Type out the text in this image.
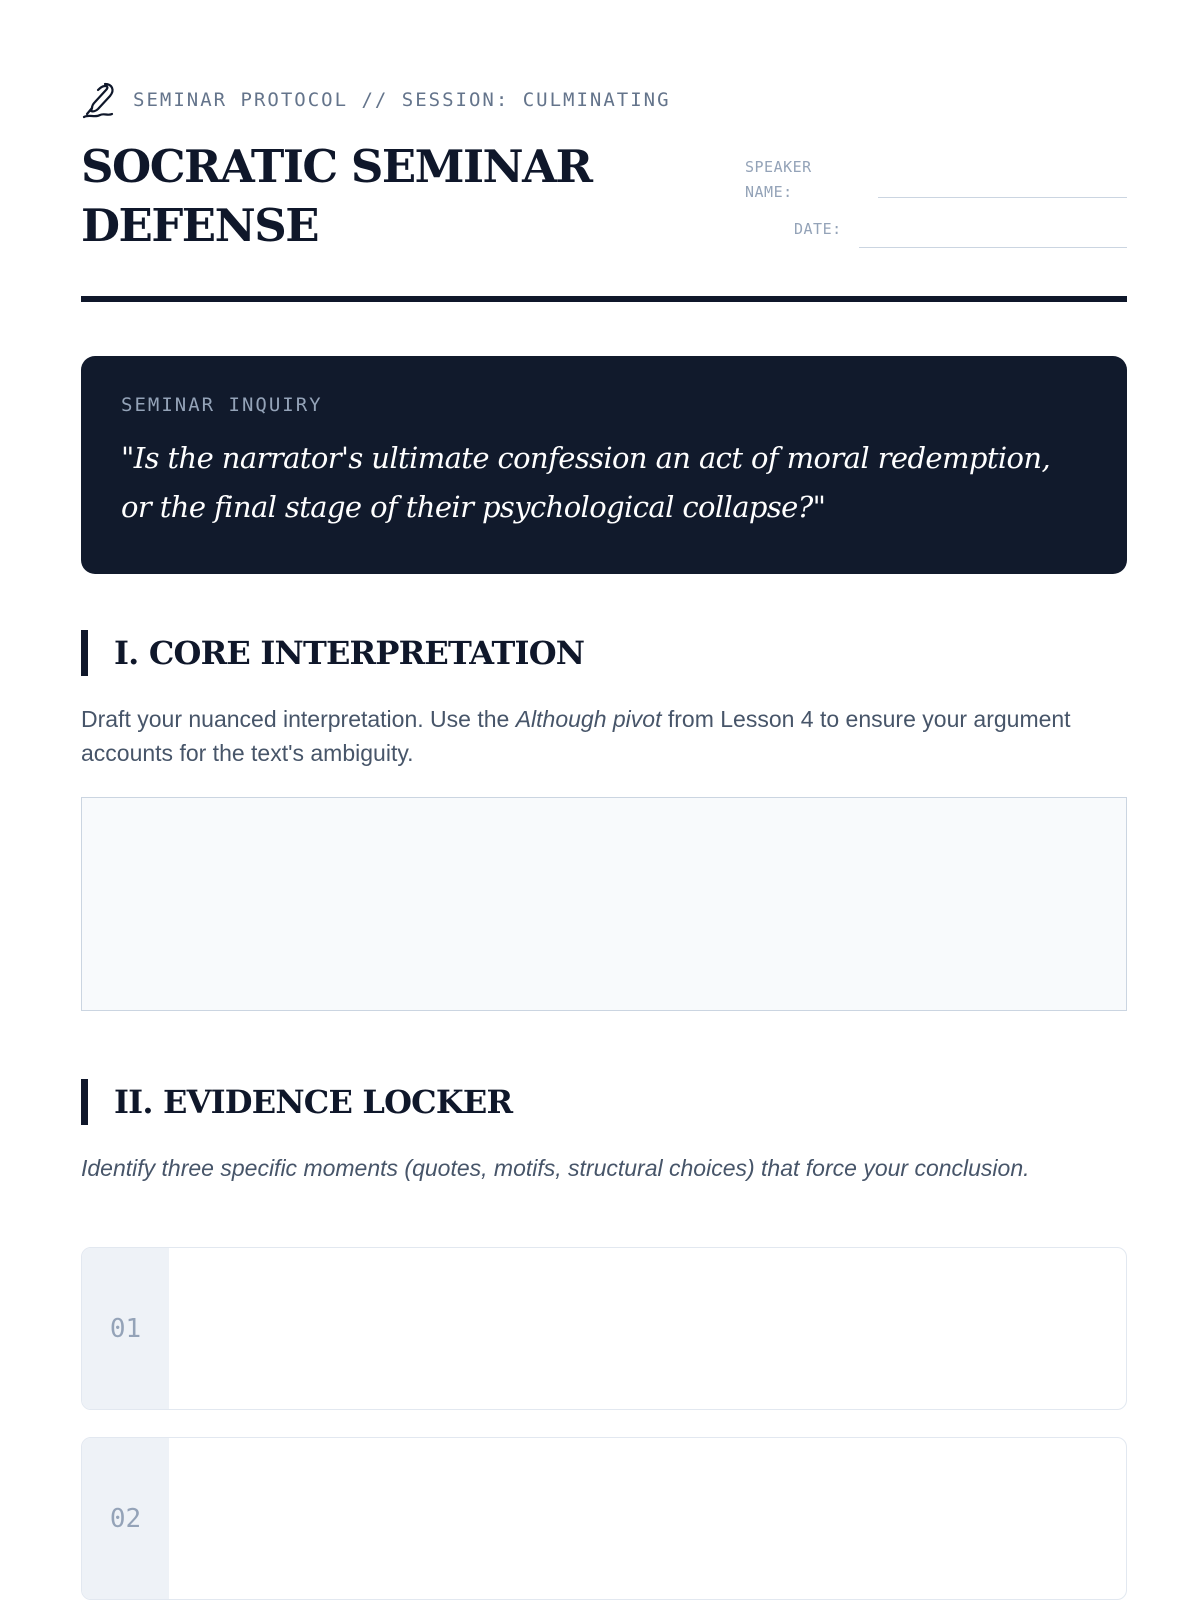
SEMINAR PROTOCOL // SESSION: CULMINATING
SOCRATIC SEMINAR DEFENSE
SPEAKER NAME:
DATE:
SEMINAR INQUIRY
"Is the narrator's ultimate confession an act of moral redemption, or the final stage of their psychological collapse?"
I. CORE INTERPRETATION
Draft your nuanced interpretation. Use the Although pivot from Lesson 4 to ensure your argument accounts for the text's ambiguity.
II. EVIDENCE LOCKER
Identify three specific moments (quotes, motifs, structural choices) that force your conclusion.
01
02
